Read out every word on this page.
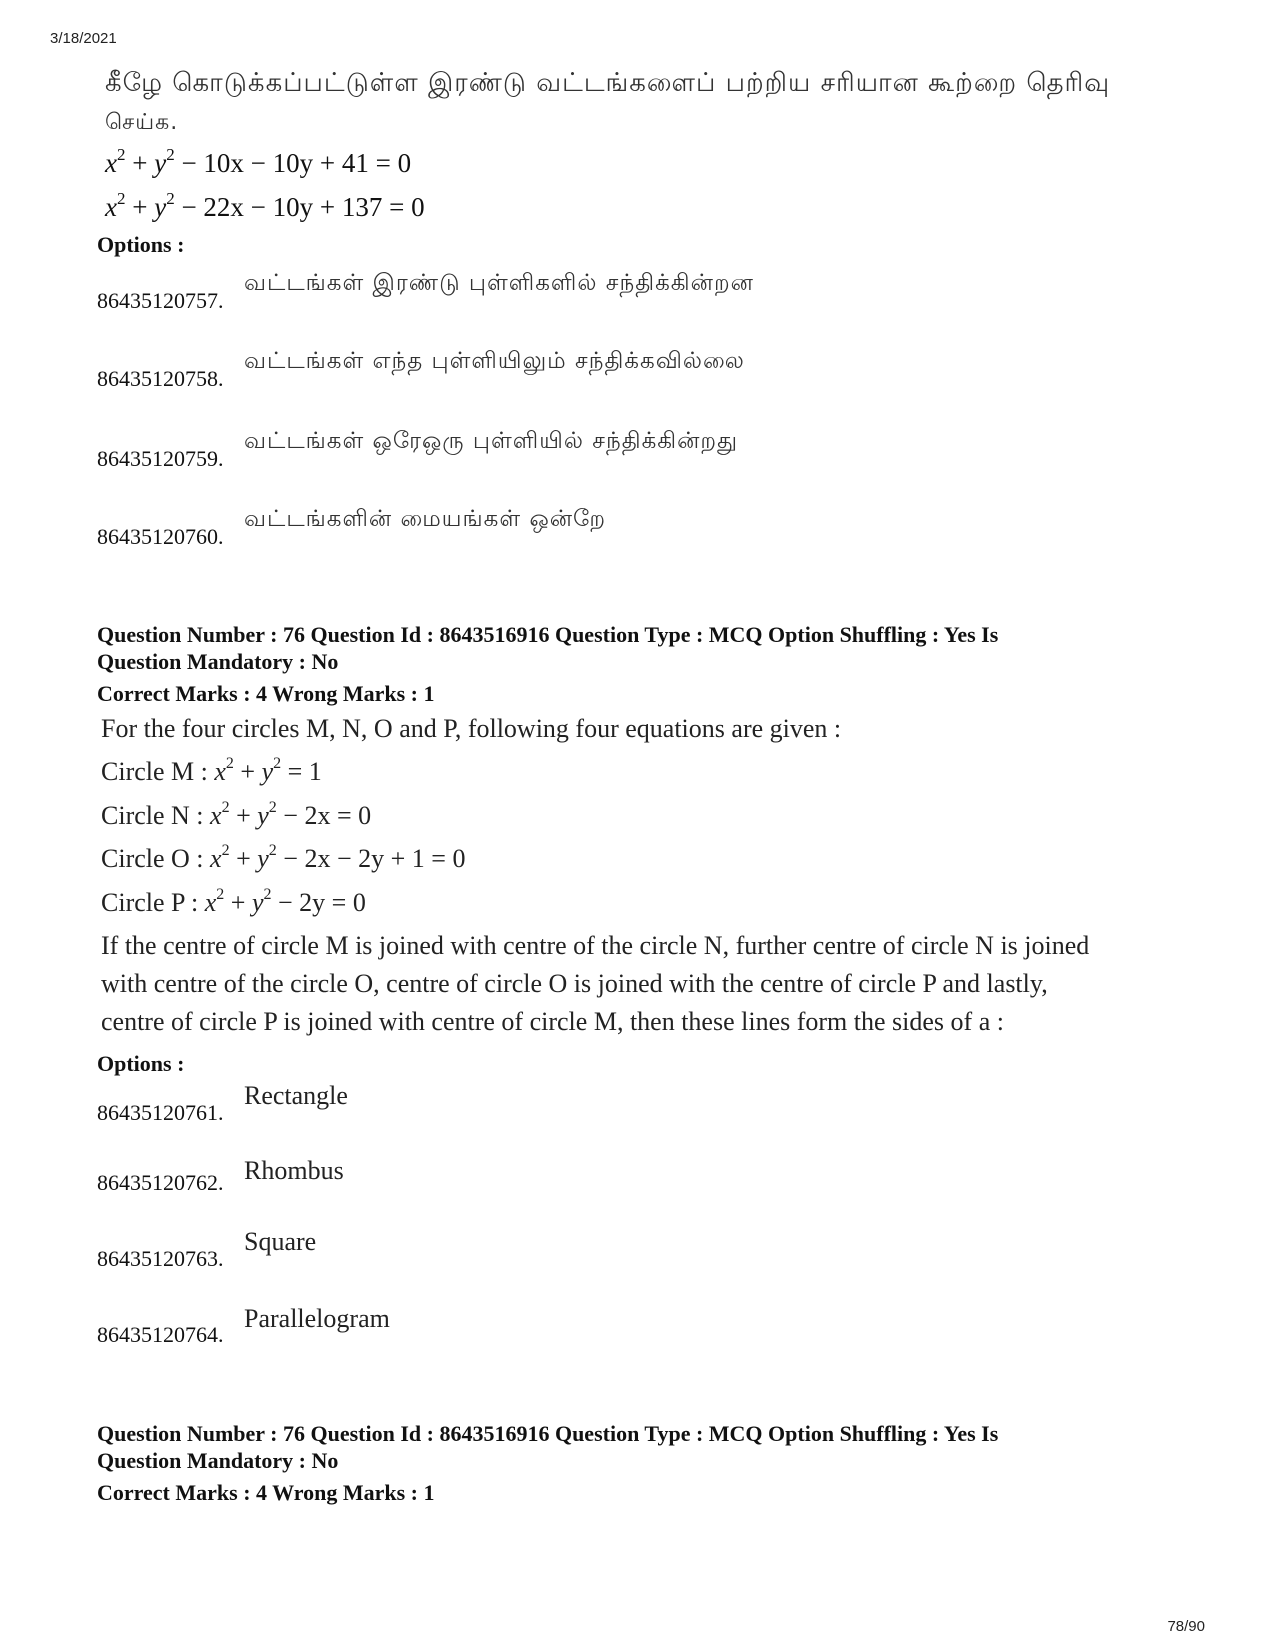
3/18/2021
கீழே கொடுக்கப்பட்டுள்ள இரண்டு வட்டங்களைப் பற்றிய சரியான கூற்றை தெரிவு
செய்க.
$x^2 + y^2 - 10x - 10y + 41 = 0$
$x^2 + y^2 - 22x - 10y + 137 = 0$
Options :
86435120757.
வட்டங்கள் இரண்டு புள்ளிகளில் சந்திக்கின்றன
86435120758.
வட்டங்கள் எந்த புள்ளியிலும் சந்திக்கவில்லை
86435120759.
வட்டங்கள் ஒரேஒரு புள்ளியில் சந்திக்கின்றது
86435120760.
வட்டங்களின் மையங்கள் ஒன்றே
Question Number : 76 Question Id : 8643516916 Question Type : MCQ Option Shuffling : Yes Is
Question Mandatory : No
Correct Marks : 4 Wrong Marks : 1
For the four circles M, N, O and P, following four equations are given :
Circle M : $x^2 + y^2 = 1$
Circle N : $x^2 + y^2 - 2x = 0$
Circle O : $x^2 + y^2 - 2x - 2y + 1 = 0$
Circle P : $x^2 + y^2 - 2y = 0$
If the centre of circle M is joined with centre of the circle N, further centre of circle N is joined
with centre of the circle O, centre of circle O is joined with the centre of circle P and lastly,
centre of circle P is joined with centre of circle M, then these lines form the sides of a :
Options :
86435120761.
Rectangle
86435120762. Rhombus
86435120763.
Square
86435120764.
Parallelogram
Question Number : 76 Question Id : 8643516916 Question Type : MCQ Option Shuffling : Yes Is
Question Mandatory : No
Correct Marks : 4 Wrong Marks : 1
78/90
